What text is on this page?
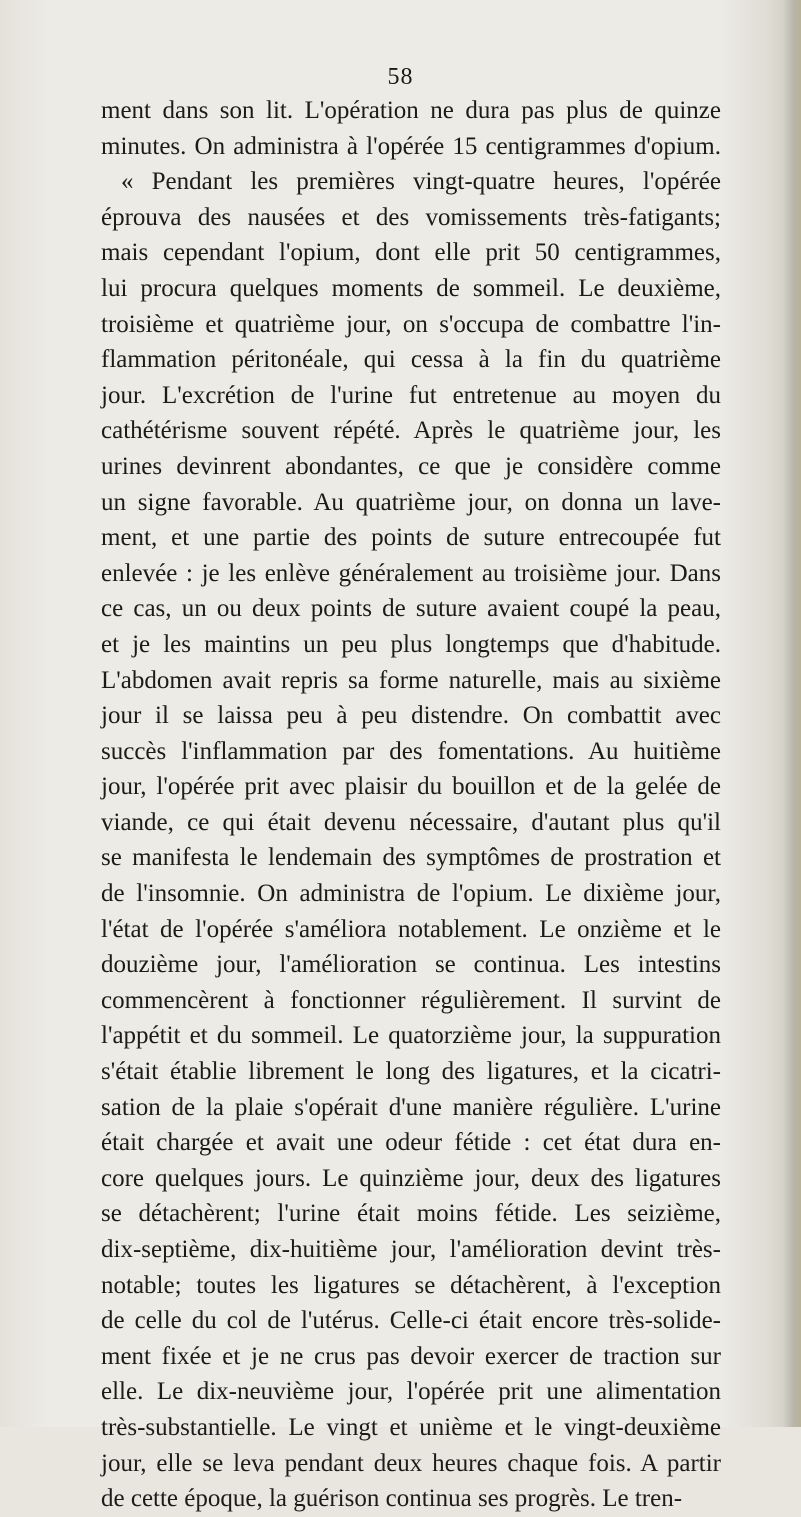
58
ment dans son lit. L'opération ne dura pas plus de quinze
minutes. On administra à l'opérée 15 centigrammes d'opium.
« Pendant les premières vingt-quatre heures, l'opérée
éprouva des nausées et des vomissements très-fatigants;
mais cependant l'opium, dont elle prit 50 centigrammes,
lui procura quelques moments de sommeil. Le deuxième,
troisième et quatrième jour, on s'occupa de combattre l'in-
flammation péritonéale, qui cessa à la fin du quatrième
jour. L'excrétion de l'urine fut entretenue au moyen du
cathétérisme souvent répété. Après le quatrième jour, les
urines devinrent abondantes, ce que je considère comme
un signe favorable. Au quatrième jour, on donna un lave-
ment, et une partie des points de suture entrecoupée fut
enlevée : je les enlève généralement au troisième jour. Dans
ce cas, un ou deux points de suture avaient coupé la peau,
et je les maintins un peu plus longtemps que d'habitude.
L'abdomen avait repris sa forme naturelle, mais au sixième
jour il se laissa peu à peu distendre. On combattit avec
succès l'inflammation par des fomentations. Au huitième
jour, l'opérée prit avec plaisir du bouillon et de la gelée de
viande, ce qui était devenu nécessaire, d'autant plus qu'il
se manifesta le lendemain des symptômes de prostration et
de l'insomnie. On administra de l'opium. Le dixième jour,
l'état de l'opérée s'améliora notablement. Le onzième et le
douzième jour, l'amélioration se continua. Les intestins
commencèrent à fonctionner régulièrement. Il survint de
l'appétit et du sommeil. Le quatorzième jour, la suppuration
s'était établie librement le long des ligatures, et la cicatri-
sation de la plaie s'opérait d'une manière régulière. L'urine
était chargée et avait une odeur fétide : cet état dura en-
core quelques jours. Le quinzième jour, deux des ligatures
se détachèrent; l'urine était moins fétide. Les seizième,
dix-septième, dix-huitième jour, l'amélioration devint très-
notable; toutes les ligatures se détachèrent, à l'exception
de celle du col de l'utérus. Celle-ci était encore très-solide-
ment fixée et je ne crus pas devoir exercer de traction sur
elle. Le dix-neuvième jour, l'opérée prit une alimentation
très-substantielle. Le vingt et unième et le vingt-deuxième
jour, elle se leva pendant deux heures chaque fois. A partir
de cette époque, la guérison continua ses progrès. Le tren-
